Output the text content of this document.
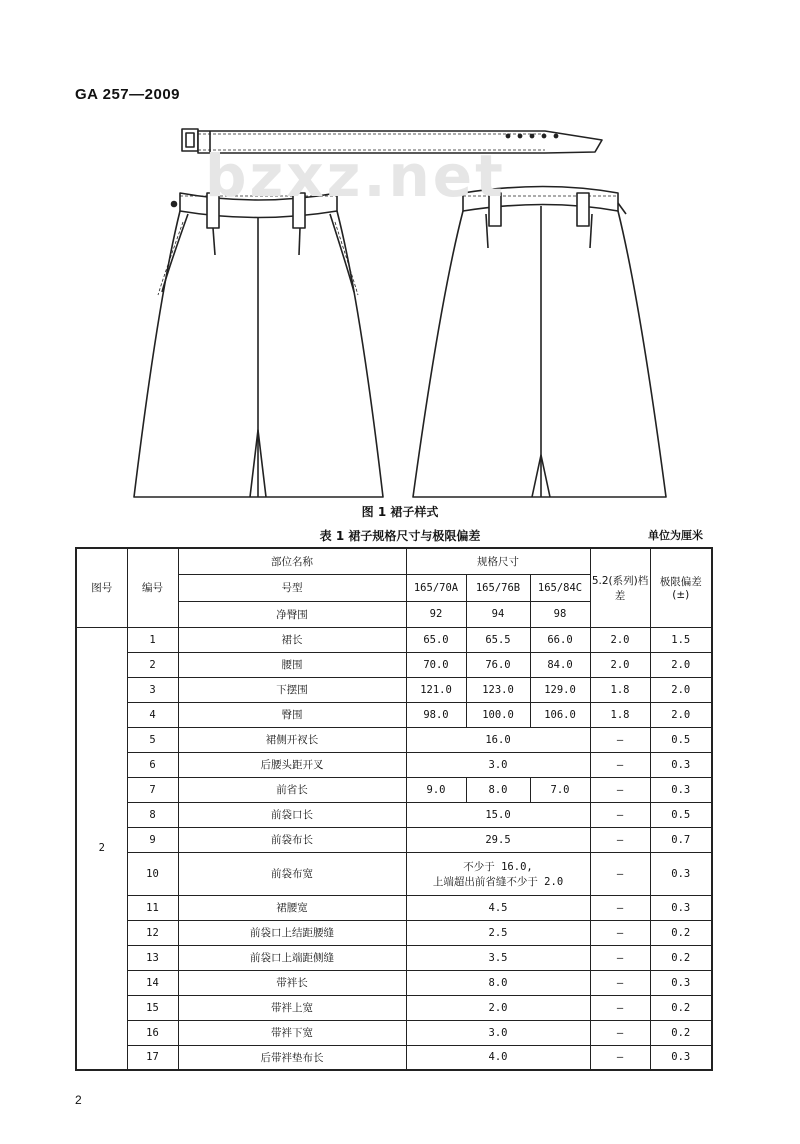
GA 257—2009
bzxz.net
图 1 裙子样式
表 1 裙子规格尺寸与极限偏差	单位为厘米
图号	编号	部位名称	规格尺寸			5.2(系列)档差	极限偏差
(±)

		号型	165/70A	165/76B	165/84C		
		净臀围	92	94	98		
2	1	裙长	65.0	65.5	66.0	2.0	1.5
	2	腰围	70.0	76.0	84.0	2.0	2.0
	3	下摆围	121.0	123.0	129.0	1.8	2.0
	4	臀围	98.0	100.0	106.0	1.8	2.0
	5	裙侧开衩长	16.0			—	0.5
	6	后腰头距开叉	3.0			—	0.3
	7	前省长	9.0	8.0	7.0	—	0.3
	8	前袋口长	15.0			—	0.5
	9	前袋布长	29.5			—	0.7
	10	前袋布宽	不少于 16.0,
上端超出前省缝不少于 2.0			—	0.3
	11	裙腰宽	4.5			—	0.3
	12	前袋口上结距腰缝	2.5			—	0.2
	13	前袋口上端距侧缝	3.5			—	0.2
	14	带袢长	8.0			—	0.3
	15	带袢上宽	2.0			—	0.2
	16	带袢下宽	3.0			—	0.2
	17	后带袢垫布长	4.0			—	0.3
2
